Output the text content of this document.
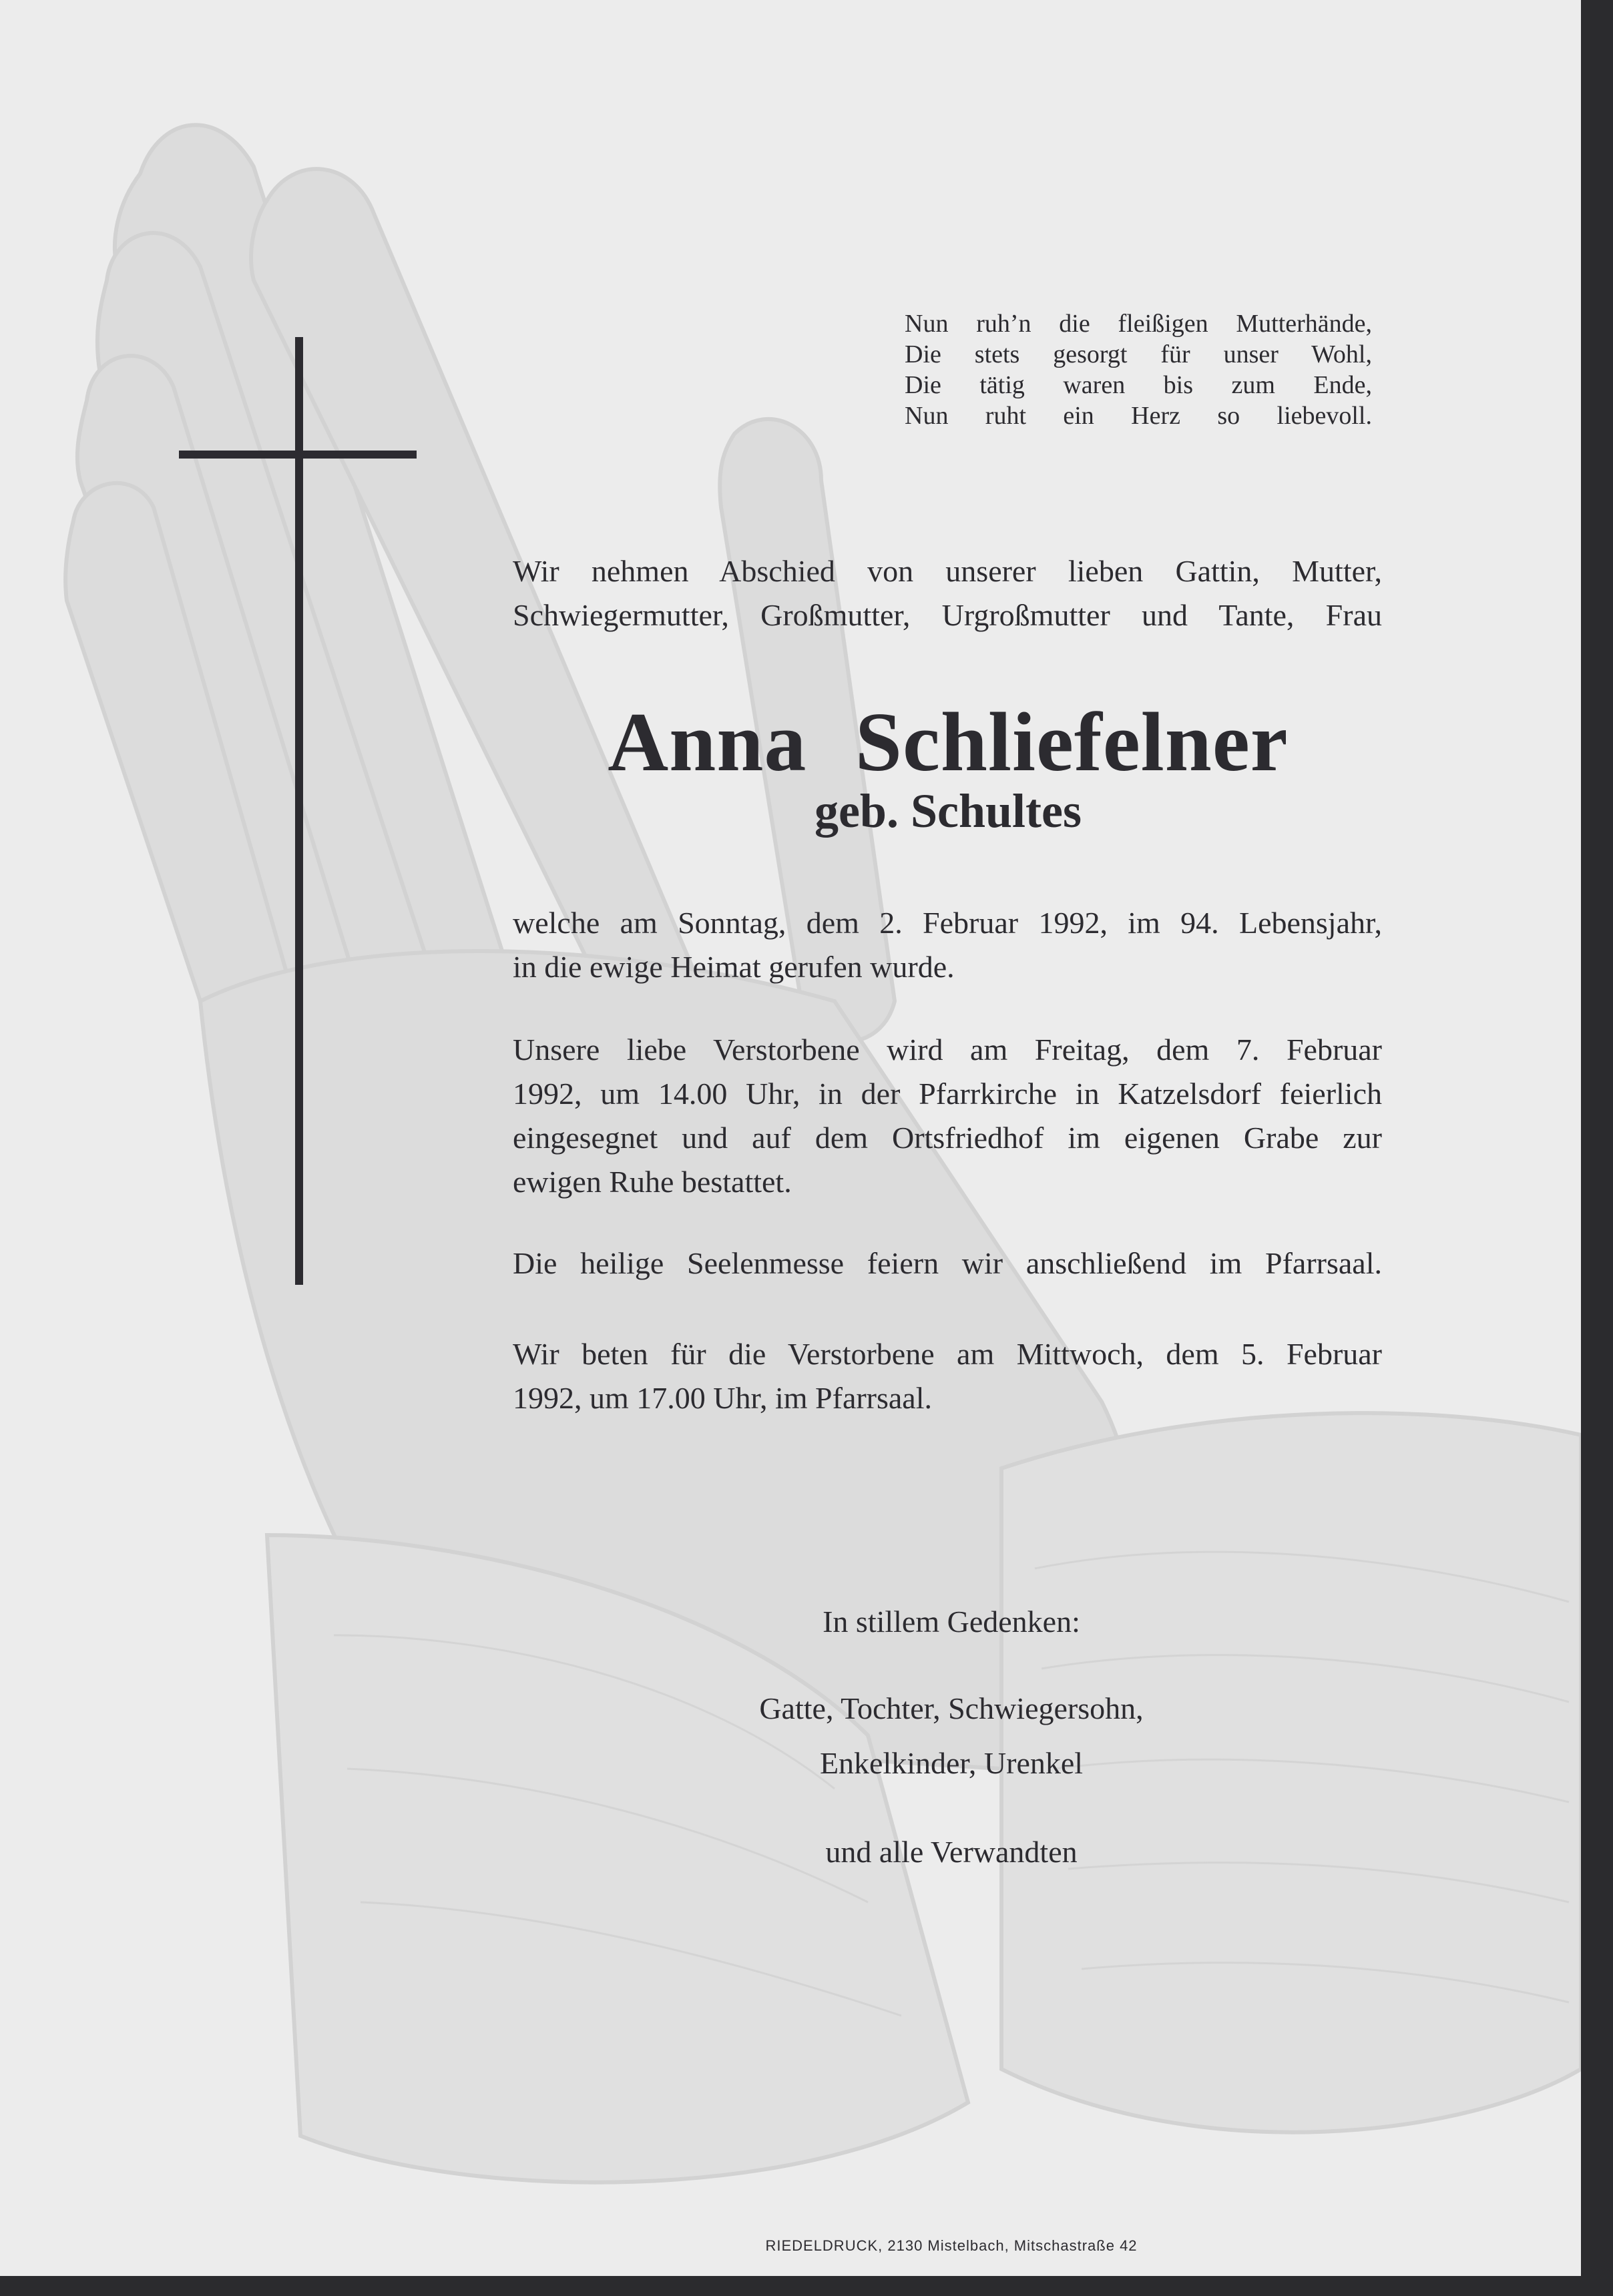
Nun ruh’n die fleißigen Mutterhände,
Die stets gesorgt für unser Wohl,
Die tätig waren bis zum Ende,
Nun ruht ein Herz so liebevoll.
Wir nehmen Abschied von unserer lieben Gattin, Mutter,
Schwiegermutter, Großmutter, Urgroßmutter und Tante, Frau
Anna Schliefelner
geb. Schultes
welche am Sonntag, dem 2. Februar 1992, im 94. Lebensjahr,
in die ewige Heimat gerufen wurde.
Unsere liebe Verstorbene wird am Freitag, dem 7. Februar
1992, um 14.00 Uhr, in der Pfarrkirche in Katzelsdorf feierlich
eingesegnet und auf dem Ortsfriedhof im eigenen Grabe zur
ewigen Ruhe bestattet.
Die heilige Seelenmesse feiern wir anschließend im Pfarrsaal.
Wir beten für die Verstorbene am Mittwoch, dem 5. Februar
1992, um 17.00 Uhr, im Pfarrsaal.
In stillem Gedenken:
Gatte, Tochter, Schwiegersohn,
Enkelkinder, Urenkel
und alle Verwandten
RIEDELDRUCK, 2130 Mistelbach, Mitschastraße 42
